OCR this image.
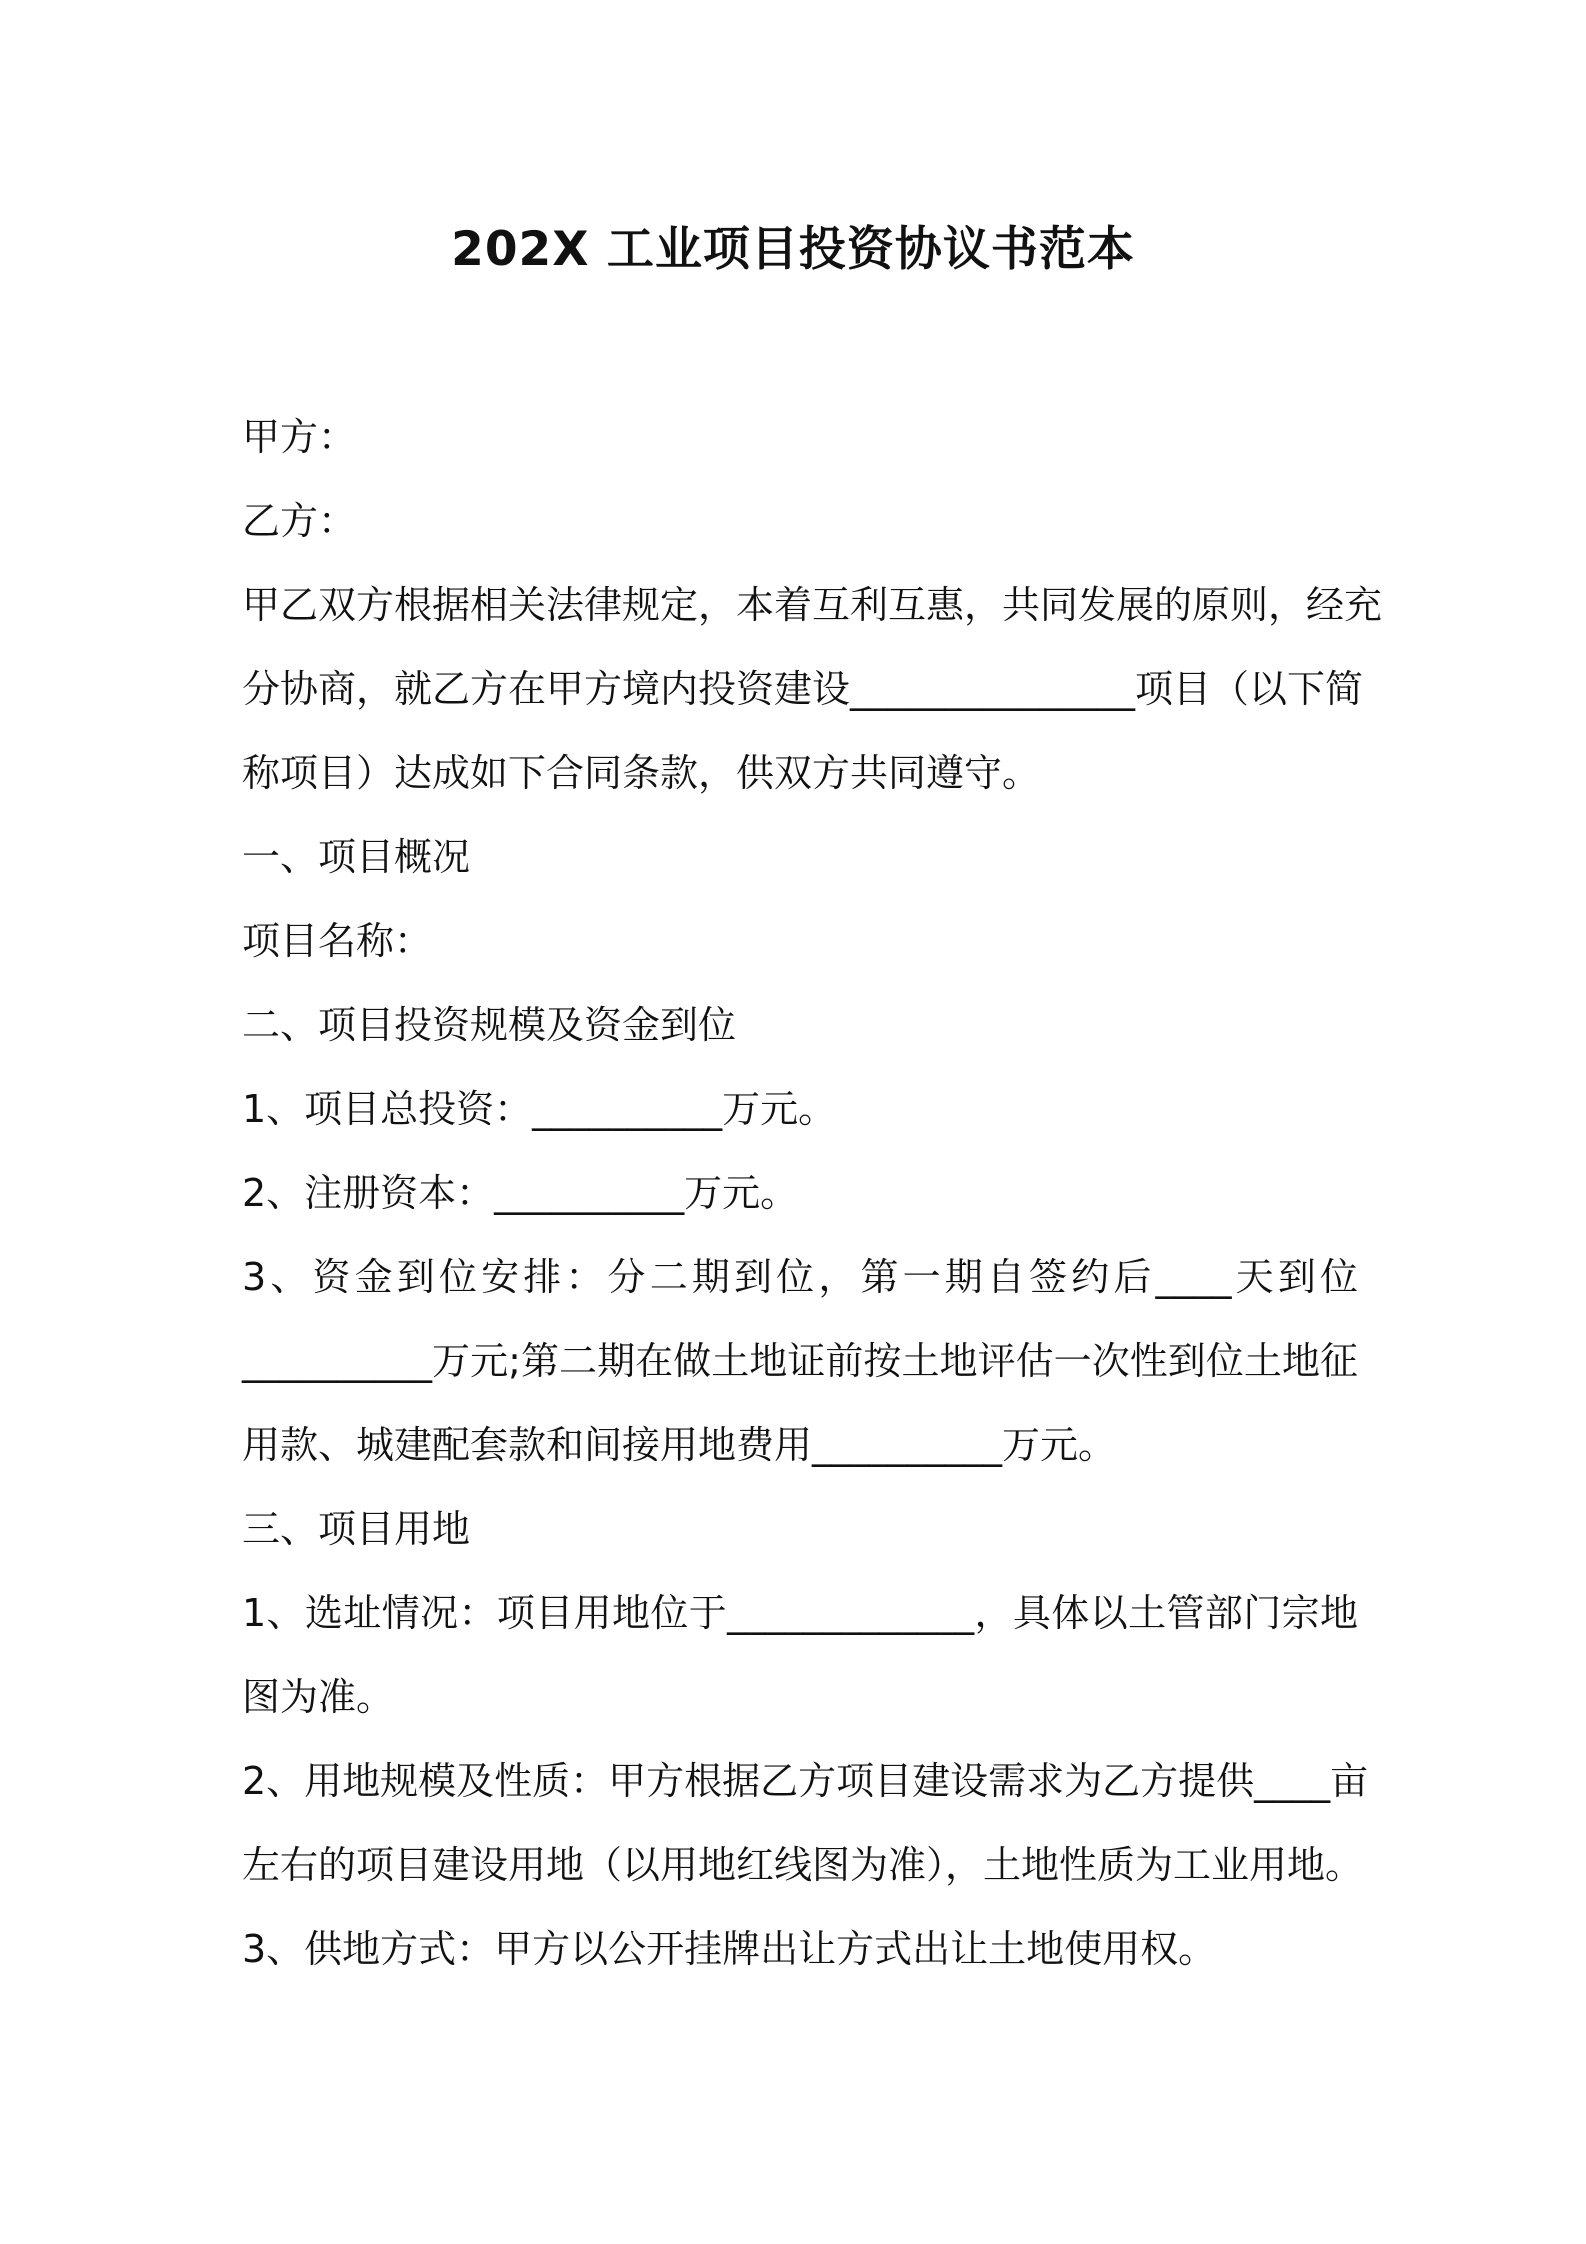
202X 工业项目投资协议书范本

甲方：

乙方：

甲乙双方根据相关法律规定，本着互利互惠，共同发展的原则，经充

分协商，就乙方在甲方境内投资建设_______________项目（以下简

称项目）达成如下合同条款，供双方共同遵守。

一、项目概况

项目名称：

二、项目投资规模及资金到位

1、项目总投资：__________万元。

2、注册资本：__________万元。

3、资金到位安排：分二期到位，第一期自签约后____天到位

__________万元;第二期在做土地证前按土地评估一次性到位土地征

用款、城建配套款和间接用地费用__________万元。

三、项目用地

1、选址情况：项目用地位于_____________，具体以土管部门宗地

图为准。

2、用地规模及性质：甲方根据乙方项目建设需求为乙方提供____亩

左右的项目建设用地（以用地红线图为准），土地性质为工业用地。

3、供地方式：甲方以公开挂牌出让方式出让土地使用权。
